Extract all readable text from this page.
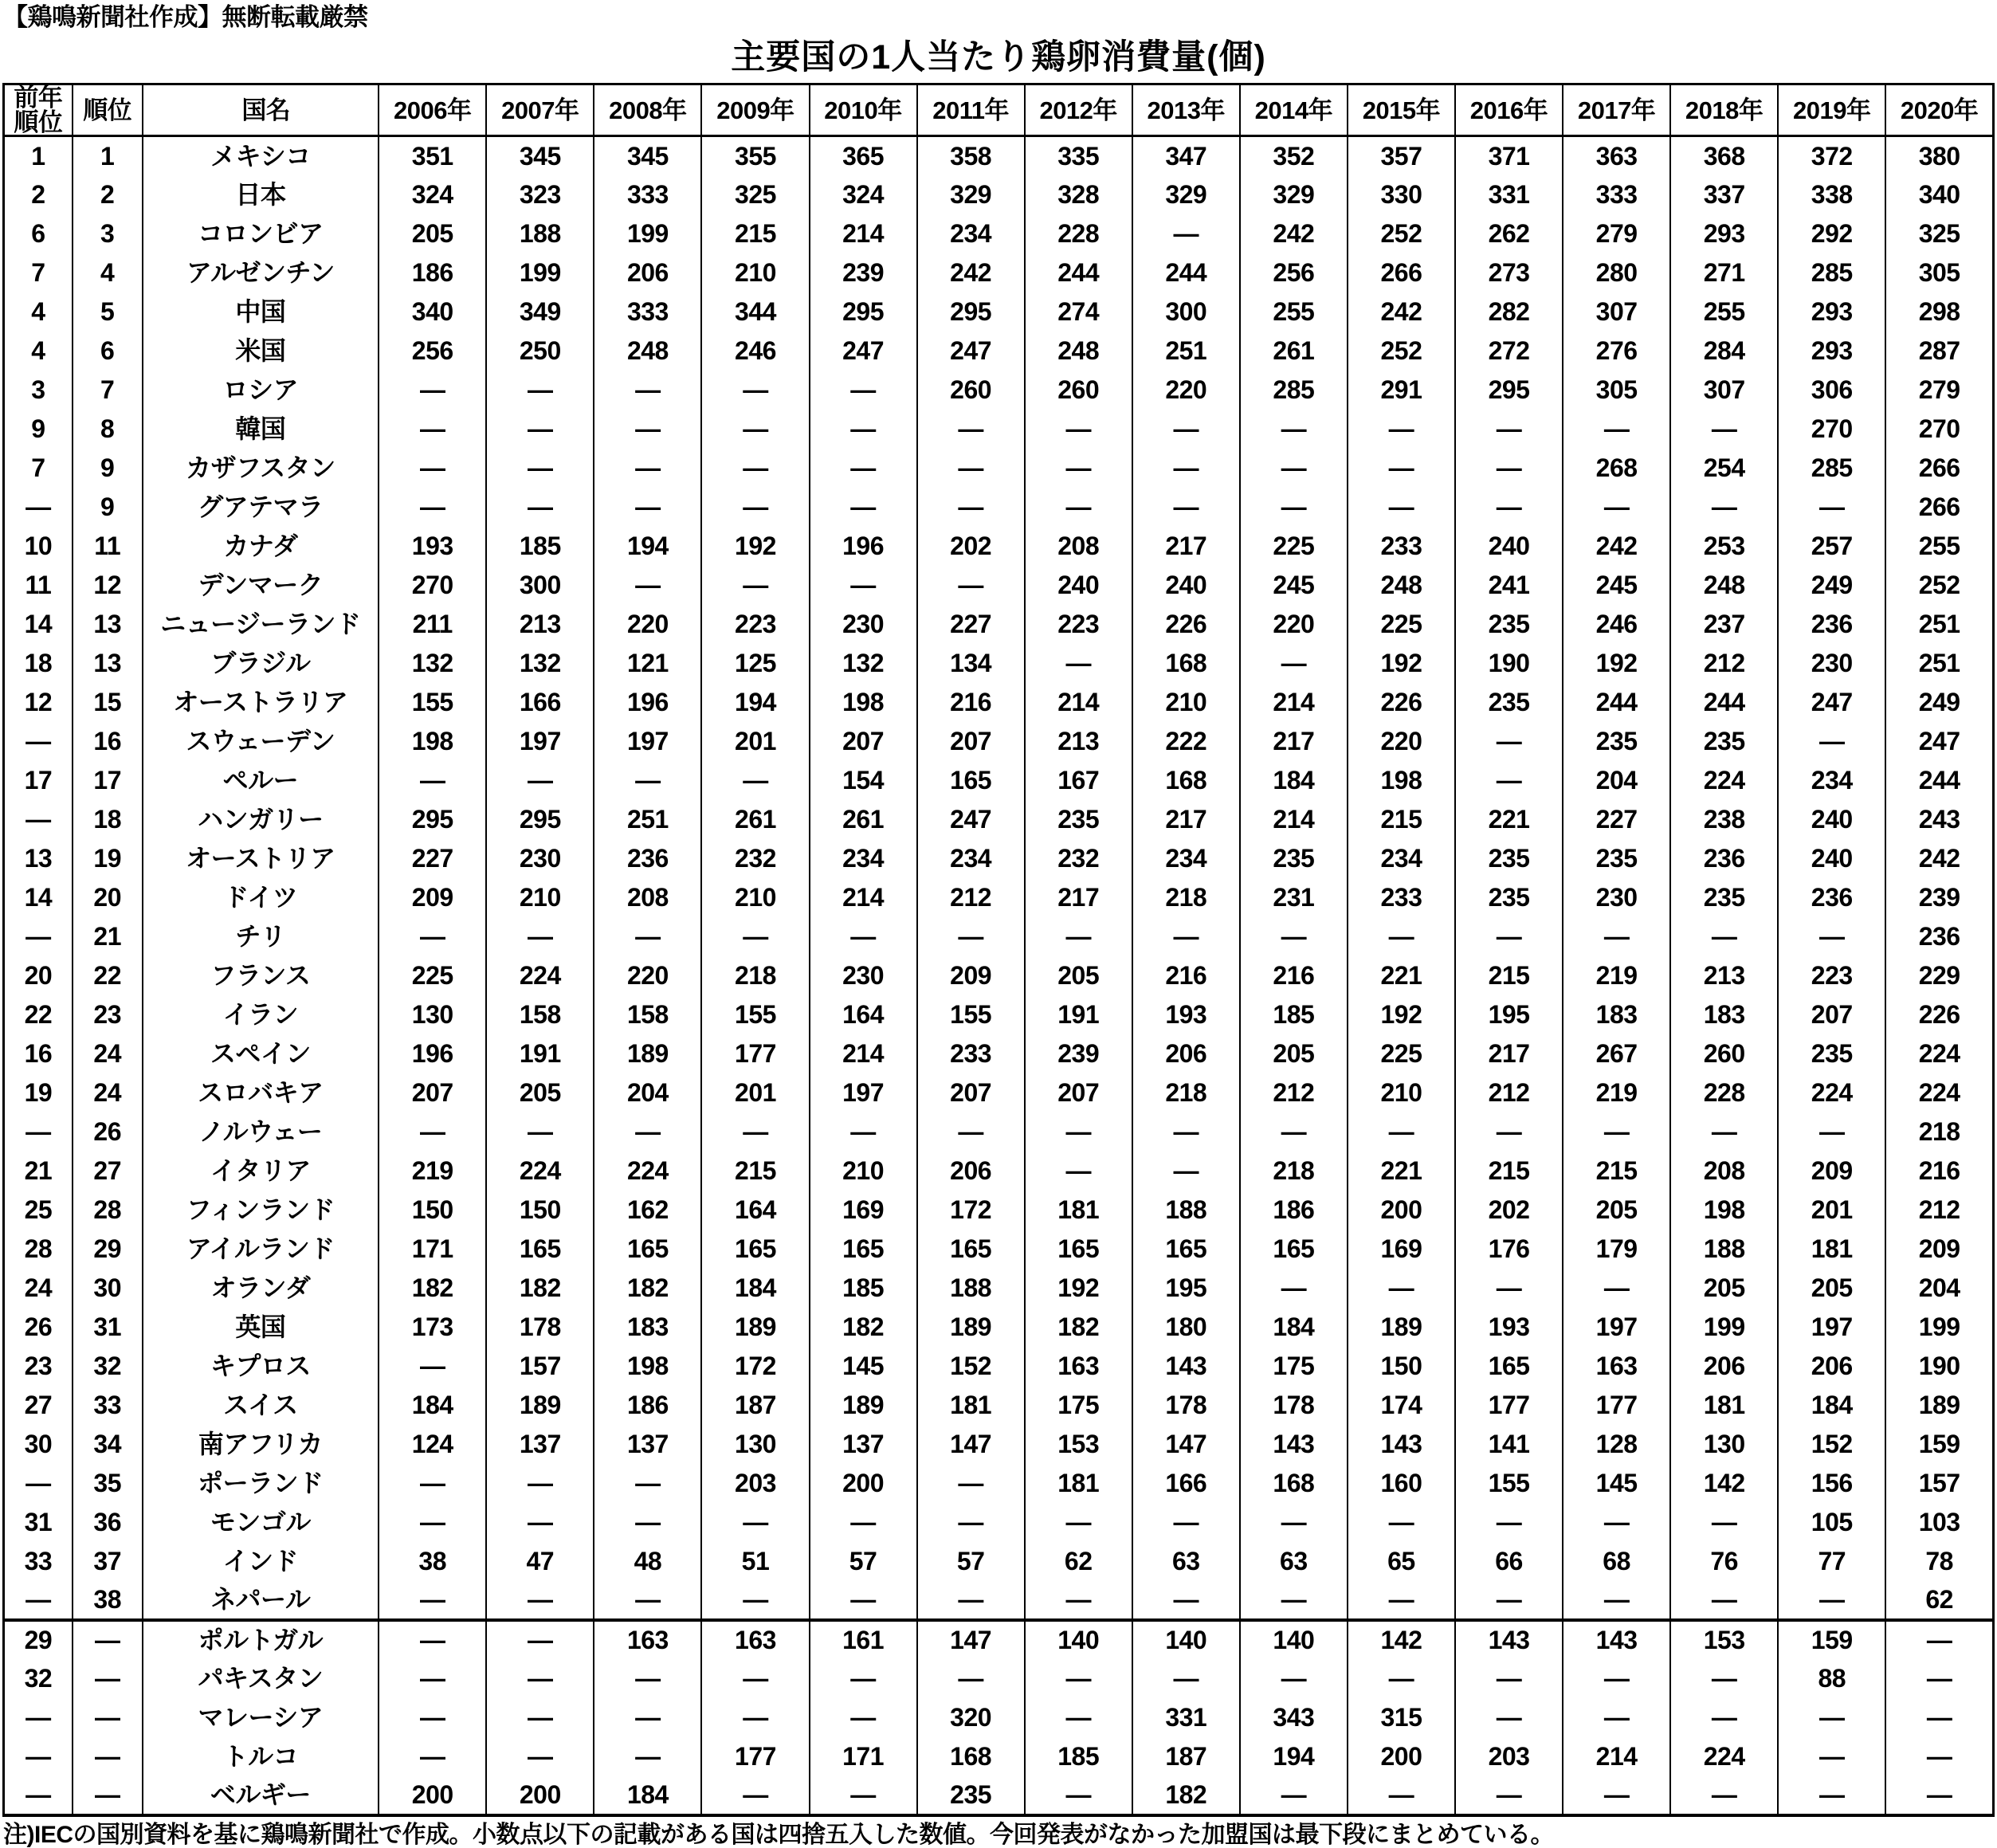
【鶏鳴新聞社作成】無断転載厳禁
主要国の1人当たり鶏卵消費量(個)
前年
順位	順位	国名	2006年	2007年	2008年	2009年	2010年	2011年	2012年	2013年	2014年	2015年	2016年	2017年	2018年	2019年	2020年
1	1	メキシコ	351	345	345	355	365	358	335	347	352	357	371	363	368	372	380
2	2	日本	324	323	333	325	324	329	328	329	329	330	331	333	337	338	340
6	3	コロンビア	205	188	199	215	214	234	228	—	242	252	262	279	293	292	325
7	4	アルゼンチン	186	199	206	210	239	242	244	244	256	266	273	280	271	285	305
4	5	中国	340	349	333	344	295	295	274	300	255	242	282	307	255	293	298
4	6	米国	256	250	248	246	247	247	248	251	261	252	272	276	284	293	287
3	7	ロシア	—	—	—	—	—	260	260	220	285	291	295	305	307	306	279
9	8	韓国	—	—	—	—	—	—	—	—	—	—	—	—	—	270	270
7	9	カザフスタン	—	—	—	—	—	—	—	—	—	—	—	268	254	285	266
—	9	グアテマラ	—	—	—	—	—	—	—	—	—	—	—	—	—	—	266
10	11	カナダ	193	185	194	192	196	202	208	217	225	233	240	242	253	257	255
11	12	デンマーク	270	300	—	—	—	—	240	240	245	248	241	245	248	249	252
14	13	ニュージーランド	211	213	220	223	230	227	223	226	220	225	235	246	237	236	251
18	13	ブラジル	132	132	121	125	132	134	—	168	—	192	190	192	212	230	251
12	15	オーストラリア	155	166	196	194	198	216	214	210	214	226	235	244	244	247	249
—	16	スウェーデン	198	197	197	201	207	207	213	222	217	220	—	235	235	—	247
17	17	ペルー	—	—	—	—	154	165	167	168	184	198	—	204	224	234	244
—	18	ハンガリー	295	295	251	261	261	247	235	217	214	215	221	227	238	240	243
13	19	オーストリア	227	230	236	232	234	234	232	234	235	234	235	235	236	240	242
14	20	ドイツ	209	210	208	210	214	212	217	218	231	233	235	230	235	236	239
—	21	チリ	—	—	—	—	—	—	—	—	—	—	—	—	—	—	236
20	22	フランス	225	224	220	218	230	209	205	216	216	221	215	219	213	223	229
22	23	イラン	130	158	158	155	164	155	191	193	185	192	195	183	183	207	226
16	24	スペイン	196	191	189	177	214	233	239	206	205	225	217	267	260	235	224
19	24	スロバキア	207	205	204	201	197	207	207	218	212	210	212	219	228	224	224
—	26	ノルウェー	—	—	—	—	—	—	—	—	—	—	—	—	—	—	218
21	27	イタリア	219	224	224	215	210	206	—	—	218	221	215	215	208	209	216
25	28	フィンランド	150	150	162	164	169	172	181	188	186	200	202	205	198	201	212
28	29	アイルランド	171	165	165	165	165	165	165	165	165	169	176	179	188	181	209
24	30	オランダ	182	182	182	184	185	188	192	195	—	—	—	—	205	205	204
26	31	英国	173	178	183	189	182	189	182	180	184	189	193	197	199	197	199
23	32	キプロス	—	157	198	172	145	152	163	143	175	150	165	163	206	206	190
27	33	スイス	184	189	186	187	189	181	175	178	178	174	177	177	181	184	189
30	34	南アフリカ	124	137	137	130	137	147	153	147	143	143	141	128	130	152	159
—	35	ポーランド	—	—	—	203	200	—	181	166	168	160	155	145	142	156	157
31	36	モンゴル	—	—	—	—	—	—	—	—	—	—	—	—	—	105	103
33	37	インド	38	47	48	51	57	57	62	63	63	65	66	68	76	77	78
—	38	ネパール	—	—	—	—	—	—	—	—	—	—	—	—	—	—	62
29	—	ポルトガル	—	—	163	163	161	147	140	140	140	142	143	143	153	159	—
32	—	パキスタン	—	—	—	—	—	—	—	—	—	—	—	—	—	88	—
—	—	マレーシア	—	—	—	—	—	320	—	331	343	315	—	—	—	—	—
—	—	トルコ	—	—	—	177	171	168	185	187	194	200	203	214	224	—	—
—	—	ベルギー	200	200	184	—	—	235	—	182	—	—	—	—	—	—	—
注)IECの国別資料を基に鶏鳴新聞社で作成。小数点以下の記載がある国は四捨五入した数値。今回発表がなかった加盟国は最下段にまとめている。
